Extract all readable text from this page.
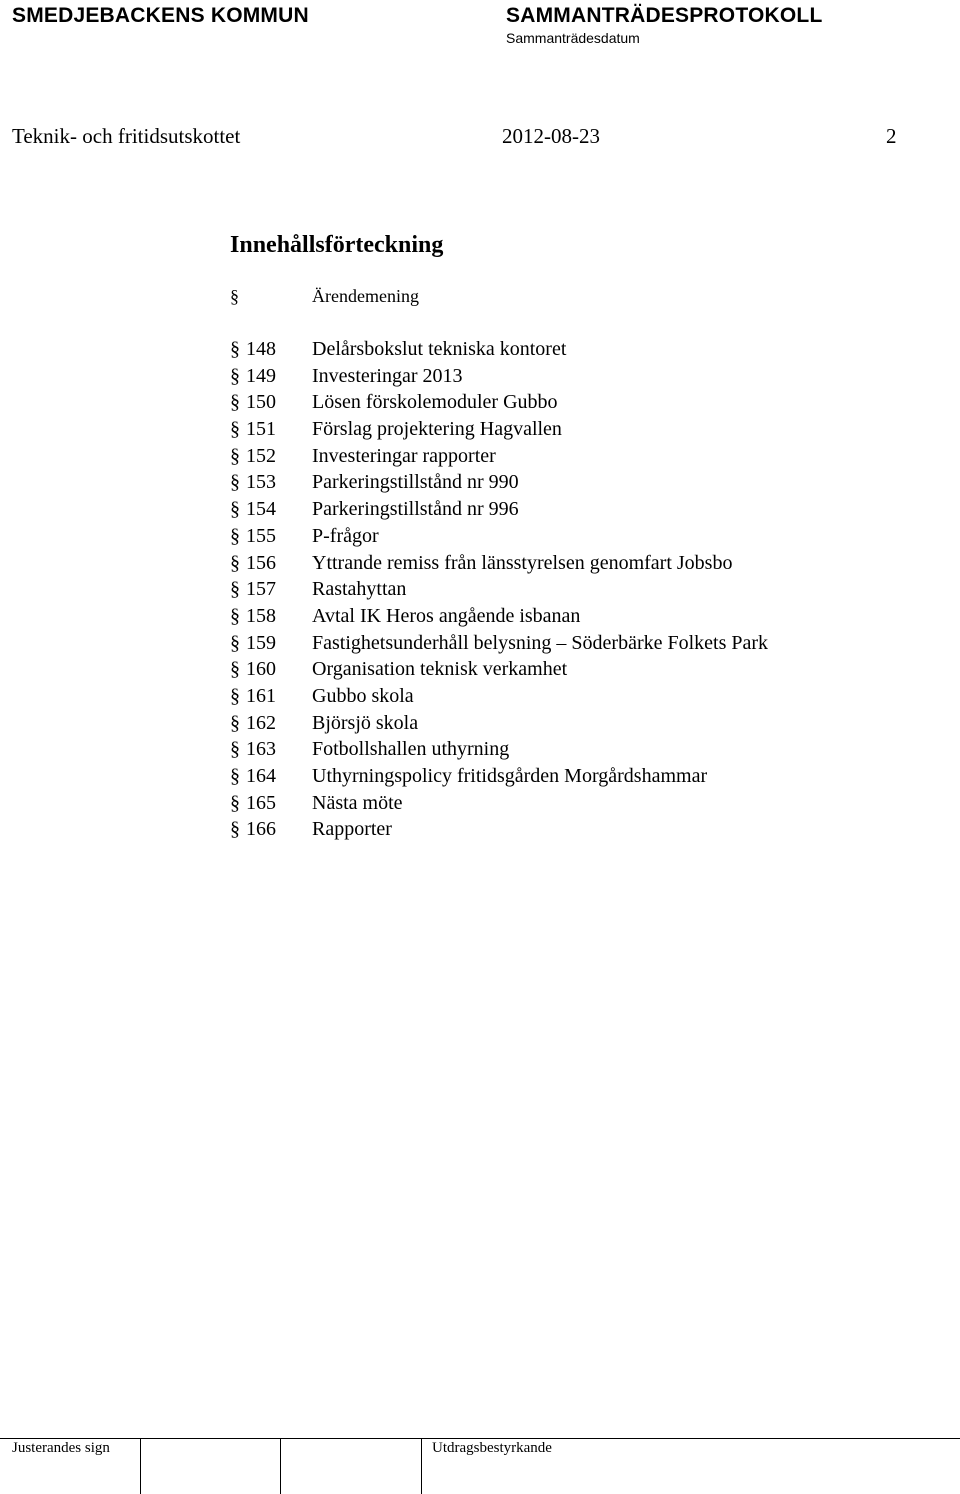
SMEDJEBACKENS KOMMUN	SAMMANTRÄDESPROTOKOLL
Sammanträdesdatum
Teknik- och fritidsutskottet	2012-08-23	2
Innehållsförteckning
§	Ärendemening
§ 148 Delårsbokslut tekniska kontoret
§ 149 Investeringar 2013
§ 150 Lösen förskolemoduler Gubbo
§ 151 Förslag projektering Hagvallen
§ 152 Investeringar rapporter
§ 153 Parkeringstillstånd nr 990
§ 154 Parkeringstillstånd nr 996
§ 155 P-frågor
§ 156 Yttrande remiss från länsstyrelsen genomfart Jobsbo
§ 157 Rastahyttan
§ 158 Avtal IK Heros angående isbanan
§ 159 Fastighetsunderhåll belysning – Söderbärke Folkets Park
§ 160 Organisation teknisk verkamhet
§ 161 Gubbo skola
§ 162 Björsjö skola
§ 163 Fotbollshallen uthyrning
§ 164 Uthyrningspolicy fritidsgården Morgårdshammar
§ 165 Nästa möte
§ 166 Rapporter
Justerandes sign	Utdragsbestyrkande
